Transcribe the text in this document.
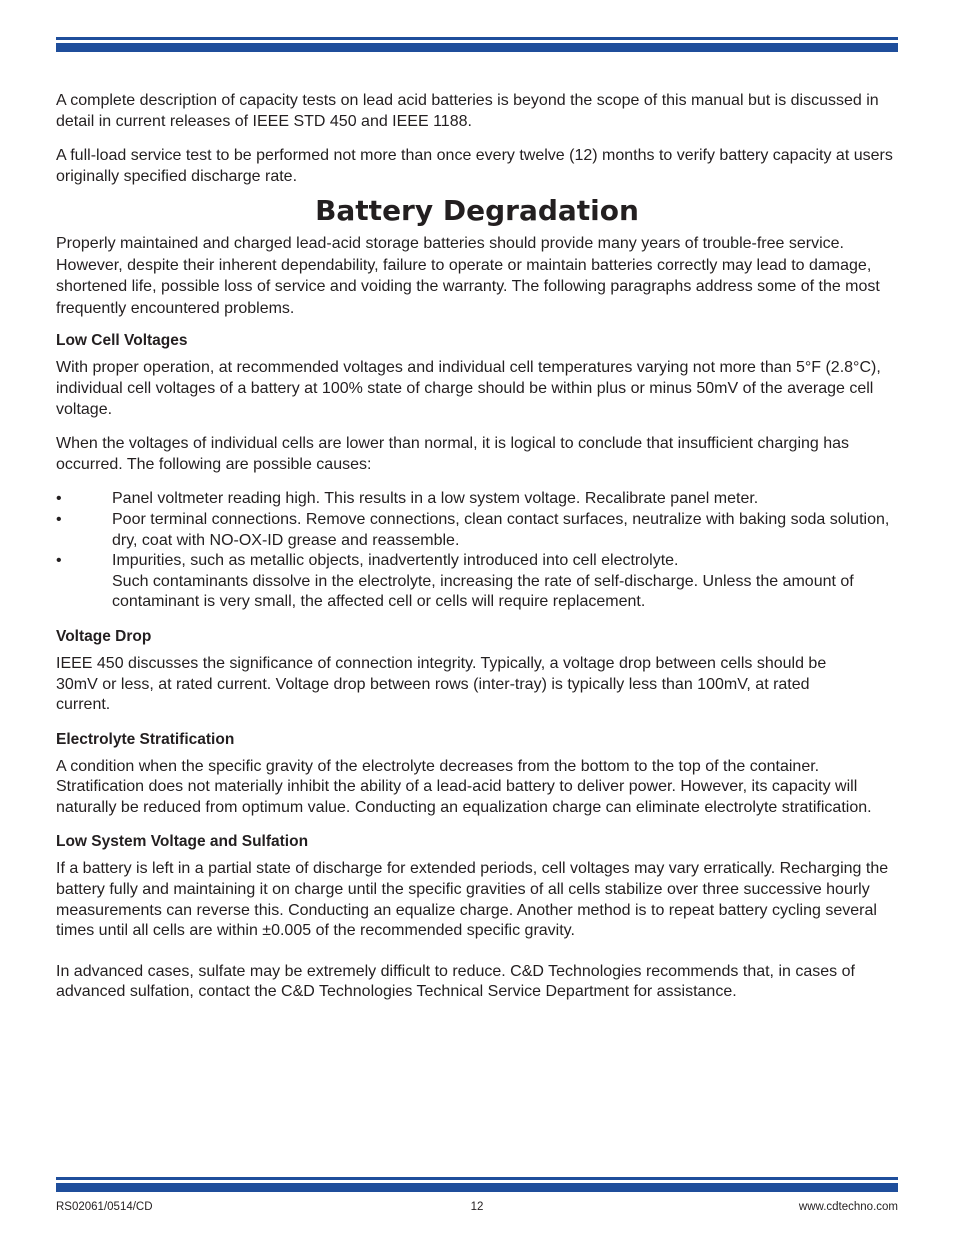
A complete description of capacity tests on lead acid batteries is beyond the scope of this manual but is discussed in detail in current releases of IEEE STD 450 and IEEE 1188.

A full-load service test to be performed not more than once every twelve (12) months to verify battery capacity at users originally specified discharge rate.

Battery Degradation

Properly maintained and charged lead-acid storage batteries should provide many years of trouble-free service. However, despite their inherent dependability, failure to operate or maintain batteries correctly may lead to damage, shortened life, possible loss of service and voiding the warranty. The following paragraphs address some of the most frequently encountered problems.

Low Cell Voltages

With proper operation, at recommended voltages and individual cell temperatures varying not more than 5°F (2.8°C), individual cell voltages of a battery at 100% state of charge should be within plus or minus 50mV of the average cell voltage.

When the voltages of individual cells are lower than normal, it is logical to conclude that insufficient charging has occurred. The following are possible causes:

•	Panel voltmeter reading high. This results in a low system voltage. Recalibrate panel meter.
•	Poor terminal connections. Remove connections, clean contact surfaces, neutralize with baking soda solution, dry, coat with NO-OX-ID grease and reassemble.
•	Impurities, such as metallic objects, inadvertently introduced into cell electrolyte.
Such contaminants dissolve in the electrolyte, increasing the rate of self-discharge. Unless the amount of contaminant is very small, the affected cell or cells will require replacement.
Voltage Drop

IEEE 450 discusses the significance of connection integrity. Typically, a voltage drop between cells should be 30mV or less, at rated current. Voltage drop between rows (inter-tray) is typically less than 100mV, at rated current.

Electrolyte Stratification

A condition when the specific gravity of the electrolyte decreases from the bottom to the top of the container. Stratification does not materially inhibit the ability of a lead-acid battery to deliver power. However, its capacity will naturally be reduced from optimum value. Conducting an equalization charge can eliminate electrolyte stratification.

Low System Voltage and Sulfation

If a battery is left in a partial state of discharge for extended periods, cell voltages may vary erratically. Recharging the battery fully and maintaining it on charge until the specific gravities of all cells stabilize over three successive hourly measurements can reverse this. Conducting an equalize charge. Another method is to repeat battery cycling several times until all cells are within ±0.005 of the recommended specific gravity.

In advanced cases, sulfate may be extremely difficult to reduce. C&D Technologies recommends that, in cases of advanced sulfation, contact the C&D Technologies Technical Service Department for assistance.

RS02061/0514/CD	12	www.cdtechno.com
